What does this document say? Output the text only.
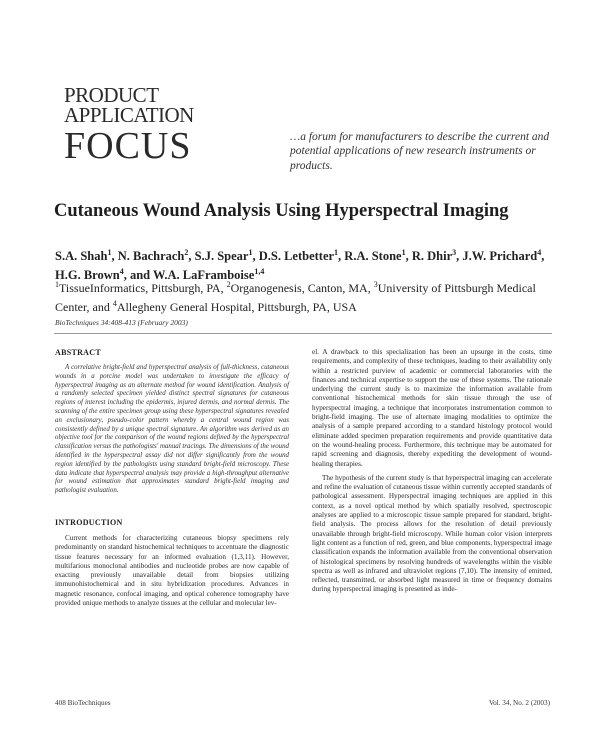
PRODUCT
APPLICATION
FOCUS	…a forum for manufacturers to describe the current and potential applications of new research instruments or products.
Cutaneous Wound Analysis Using Hyperspectral Imaging
S.A. Shah$^1$, N. Bachrach$^2$, S.J. Spear$^1$, D.S. Letbetter$^1$, R.A. Stone$^1$, R. Dhir$^3$, J.W. Prichard$^4$, H.G. Brown$^4$, and W.A. LaFramboise$^{1,4}$
$^1$TissueInformatics, Pittsburgh, PA, $^2$Organogenesis, Canton, MA, $^3$University of Pittsburgh Medical Center, and $^4$Allegheny General Hospital, Pittsburgh, PA, USA
BioTechniques 34:408-413 (February 2003)
ABSTRACT

A correlative bright-field and hyperspectral analysis of full-thickness, cutaneous wounds in a porcine model was undertaken to investigate the efficacy of hyperspectral imaging as an alternate method for wound identification. Analysis of a randomly selected specimen yielded distinct spectral signatures for cutaneous regions of interest including the epidermis, injured dermis, and normal dermis. The scanning of the entire specimen group using these hyperspectral signatures revealed an exclusionary, pseudo-color pattern whereby a central wound region was consistently defined by a unique spectral signature. An algorithm was derived as an objective tool for the comparison of the wound regions defined by the hyperspectral classification versus the pathologists' manual tracings. The dimensions of the wound identified in the hyperspectral assay did not differ significantly from the wound region identified by the pathologists using standard bright-field microscopy. These data indicate that hyperspectral analysis may provide a high-throughput alternative for wound estimation that approximates standard bright-field imaging and pathologist evaluation.

INTRODUCTION

Current methods for characterizing cutaneous biopsy specimens rely predominantly on standard histochemical techniques to accentuate the diagnostic tissue features necessary for an informed evaluation (1,3,11). However, multifarious monoclonal antibodies and nucleotide probes are now capable of exacting previously unavailable detail from biopsies utilizing immunohistochemical and in situ hybridization procedures. Advances in magnetic resonance, confocal imaging, and optical coherence tomography have provided unique methods to analyze tissues at the cellular and molecular lev-

el. A drawback to this specialization has been an upsurge in the costs, time requirements, and complexity of these techniques, leading to their availability only within a restricted purview of academic or commercial laboratories with the finances and technical expertise to support the use of these systems. The rationale underlying the current study is to maximize the information available from conventional histochemical methods for skin tissue through the use of hyperspectral imaging, a technique that incorporates instrumentation common to bright-field imaging. The use of alternate imaging modalities to optimize the analysis of a sample prepared according to a standard histology protocol would eliminate added specimen preparation requirements and provide quantitative data on the wound-healing process. Furthermore, this technique may be automated for rapid screening and diagnosis, thereby expediting the development of wound-healing therapies.

The hypothesis of the current study is that hyperspectral imaging can accelerate and refine the evaluation of cutaneous tissue within currently accepted standards of pathological assessment. Hyperspectral imaging techniques are applied in this context, as a novel optical method by which spatially resolved, spectroscopic analyses are applied to a microscopic tissue sample prepared for standard, bright-field analysis. The process allows for the resolution of detail previously unavailable through bright-field microscopy. While human color vision interprets light content as a function of red, green, and blue components, hyperspectral image classification expands the information available from the conventional observation of histological specimens by resolving hundreds of wavelengths within the visible spectra as well as infrared and ultraviolet regions (7,10). The intensity of emitted, reflected, transmitted, or absorbed light measured in time or frequency domains during hyperspectral imaging is presented as inde-

408 BioTechniques	Vol. 34, No. 2 (2003)
